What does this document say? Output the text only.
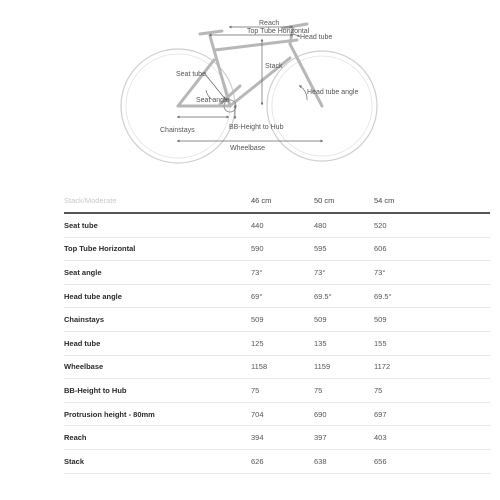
Reach
Top Tube Horizontal
Head tube
Stack
Seat tube
Seat angle
Head tube angle
Chainstays	BB-Height to Hub
Wheelbase
Stack/Moderate	46 cm	50 cm	54 cm
Seat tube	440	480	520
Top Tube Horizontal	590	595	606
Seat angle	73°	73°	73°
Head tube angle	69°	69.5°	69.5°
Chainstays	509	509	509
Head tube	125	135	155
Wheelbase	1158	1159	1172
BB-Height to Hub	75	75	75
Protrusion height - 80mm	704	690	697
Reach	394	397	403
Stack	626	638	656
